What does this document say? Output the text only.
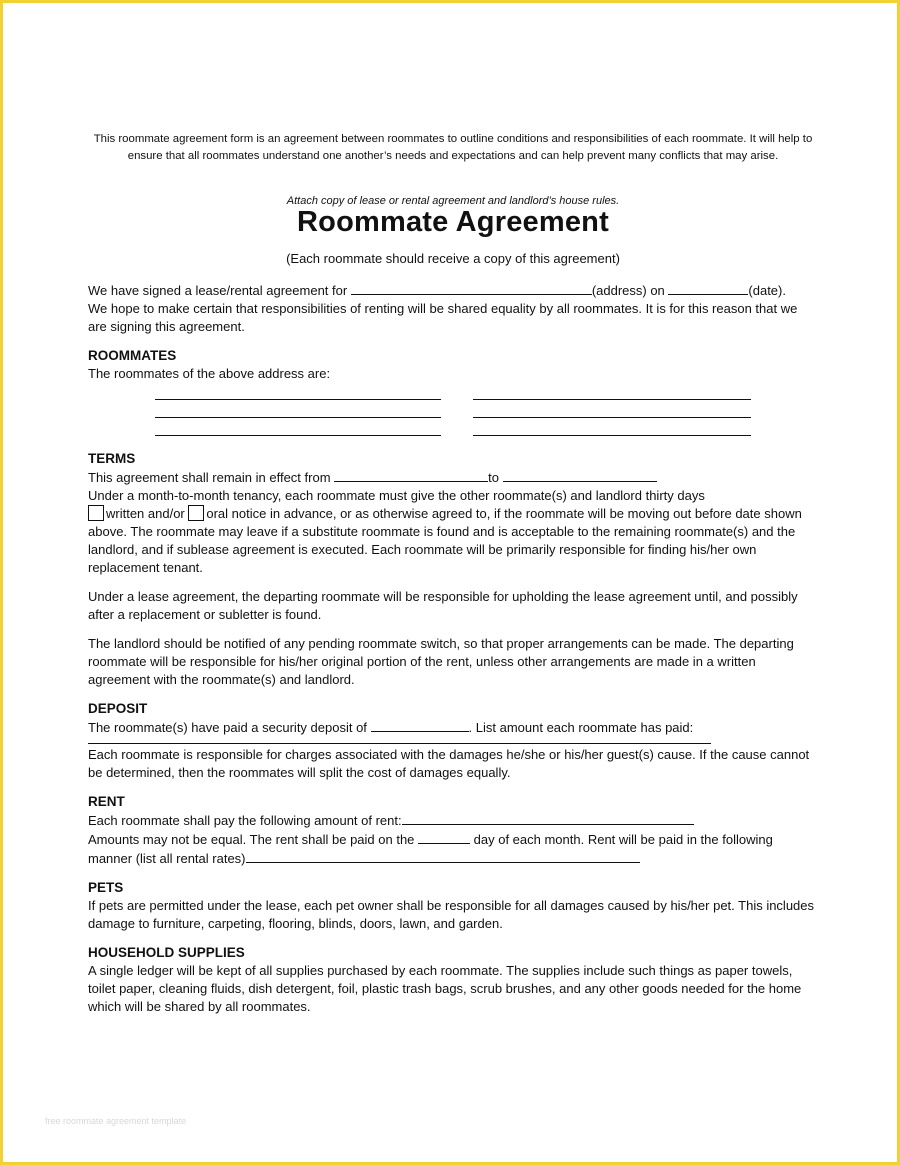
This roommate agreement form is an agreement between roommates to outline conditions and responsibilities of each roommate. It will help to ensure that all roommates understand one another’s needs and expectations and can help prevent many conflicts that may arise.
Attach copy of lease or rental agreement and landlord’s house rules.
Roommate Agreement
(Each roommate should receive a copy of this agreement)

We have signed a lease/rental agreement for	(address) on	(date).

We hope to make certain that responsibilities of renting will be shared equality by all roommates. It is for this reason that we are signing this agreement.

ROOMMATES

The roommates of the above address are:

TERMS

This agreement shall remain in effect from	to

Under a month-to-month tenancy, each roommate must give the other roommate(s) and landlord thirty days

written and/or oral notice in advance, or as otherwise agreed to, if the roommate will be moving out before date shown above. The roommate may leave if a substitute roommate is found and is acceptable to the remaining roommate(s) and the landlord, and if sublease agreement is executed. Each roommate will be primarily responsible for finding his/her own replacement tenant.

Under a lease agreement, the departing roommate will be responsible for upholding the lease agreement until, and possibly after a replacement or subletter is found.

The landlord should be notified of any pending roommate switch, so that proper arrangements can be made. The departing roommate will be responsible for his/her original portion of the rent, unless other arrangements are made in a written agreement with the roommate(s) and landlord.

DEPOSIT

The roommate(s) have paid a security deposit of	. List amount each roommate has paid:

Each roommate is responsible for charges associated with the damages he/she or his/her guest(s) cause. If the cause cannot be determined, then the roommates will split the cost of damages equally.

RENT

Each roommate shall pay the following amount of rent:

Amounts may not be equal. The rent shall be paid on the	day of each month. Rent will be paid in the following manner (list all rental rates)

PETS

If pets are permitted under the lease, each pet owner shall be responsible for all damages caused by his/her pet. This includes damage to furniture, carpeting, flooring, blinds, doors, lawn, and garden.

HOUSEHOLD SUPPLIES

A single ledger will be kept of all supplies purchased by each roommate. The supplies include such things as paper towels, toilet paper, cleaning fluids, dish detergent, foil, plastic trash bags, scrub brushes, and any other goods needed for the home which will be shared by all roommates.

free roommate agreement template
